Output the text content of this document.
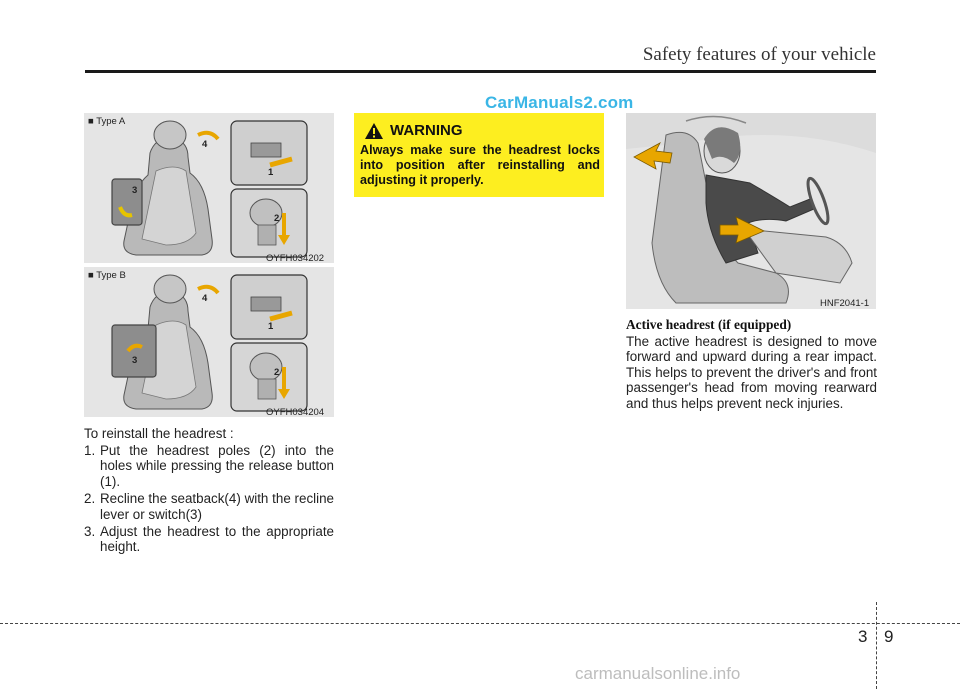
Safety features of your vehicle
CarManuals2.com
■ Type A
4
3
1
2
OYFH034202
■ Type B
4
3
1
2
OYFH034204
To reinstall the headrest :
1. Put the headrest poles (2) into the holes while pressing the release button (1).
2. Recline the seatback(4) with the recline lever or switch(3)
3. Adjust the headrest to the appropriate height.
WARNING
Always make sure the headrest locks into position after reinstalling and adjusting it properly.
HNF2041-1
Active headrest (if equipped)
The active headrest is designed to move forward and upward during a rear impact. This helps to prevent the driver's and front passenger's head from moving rearward and thus helps prevent neck injuries.
3 9
carmanualsonline.info
